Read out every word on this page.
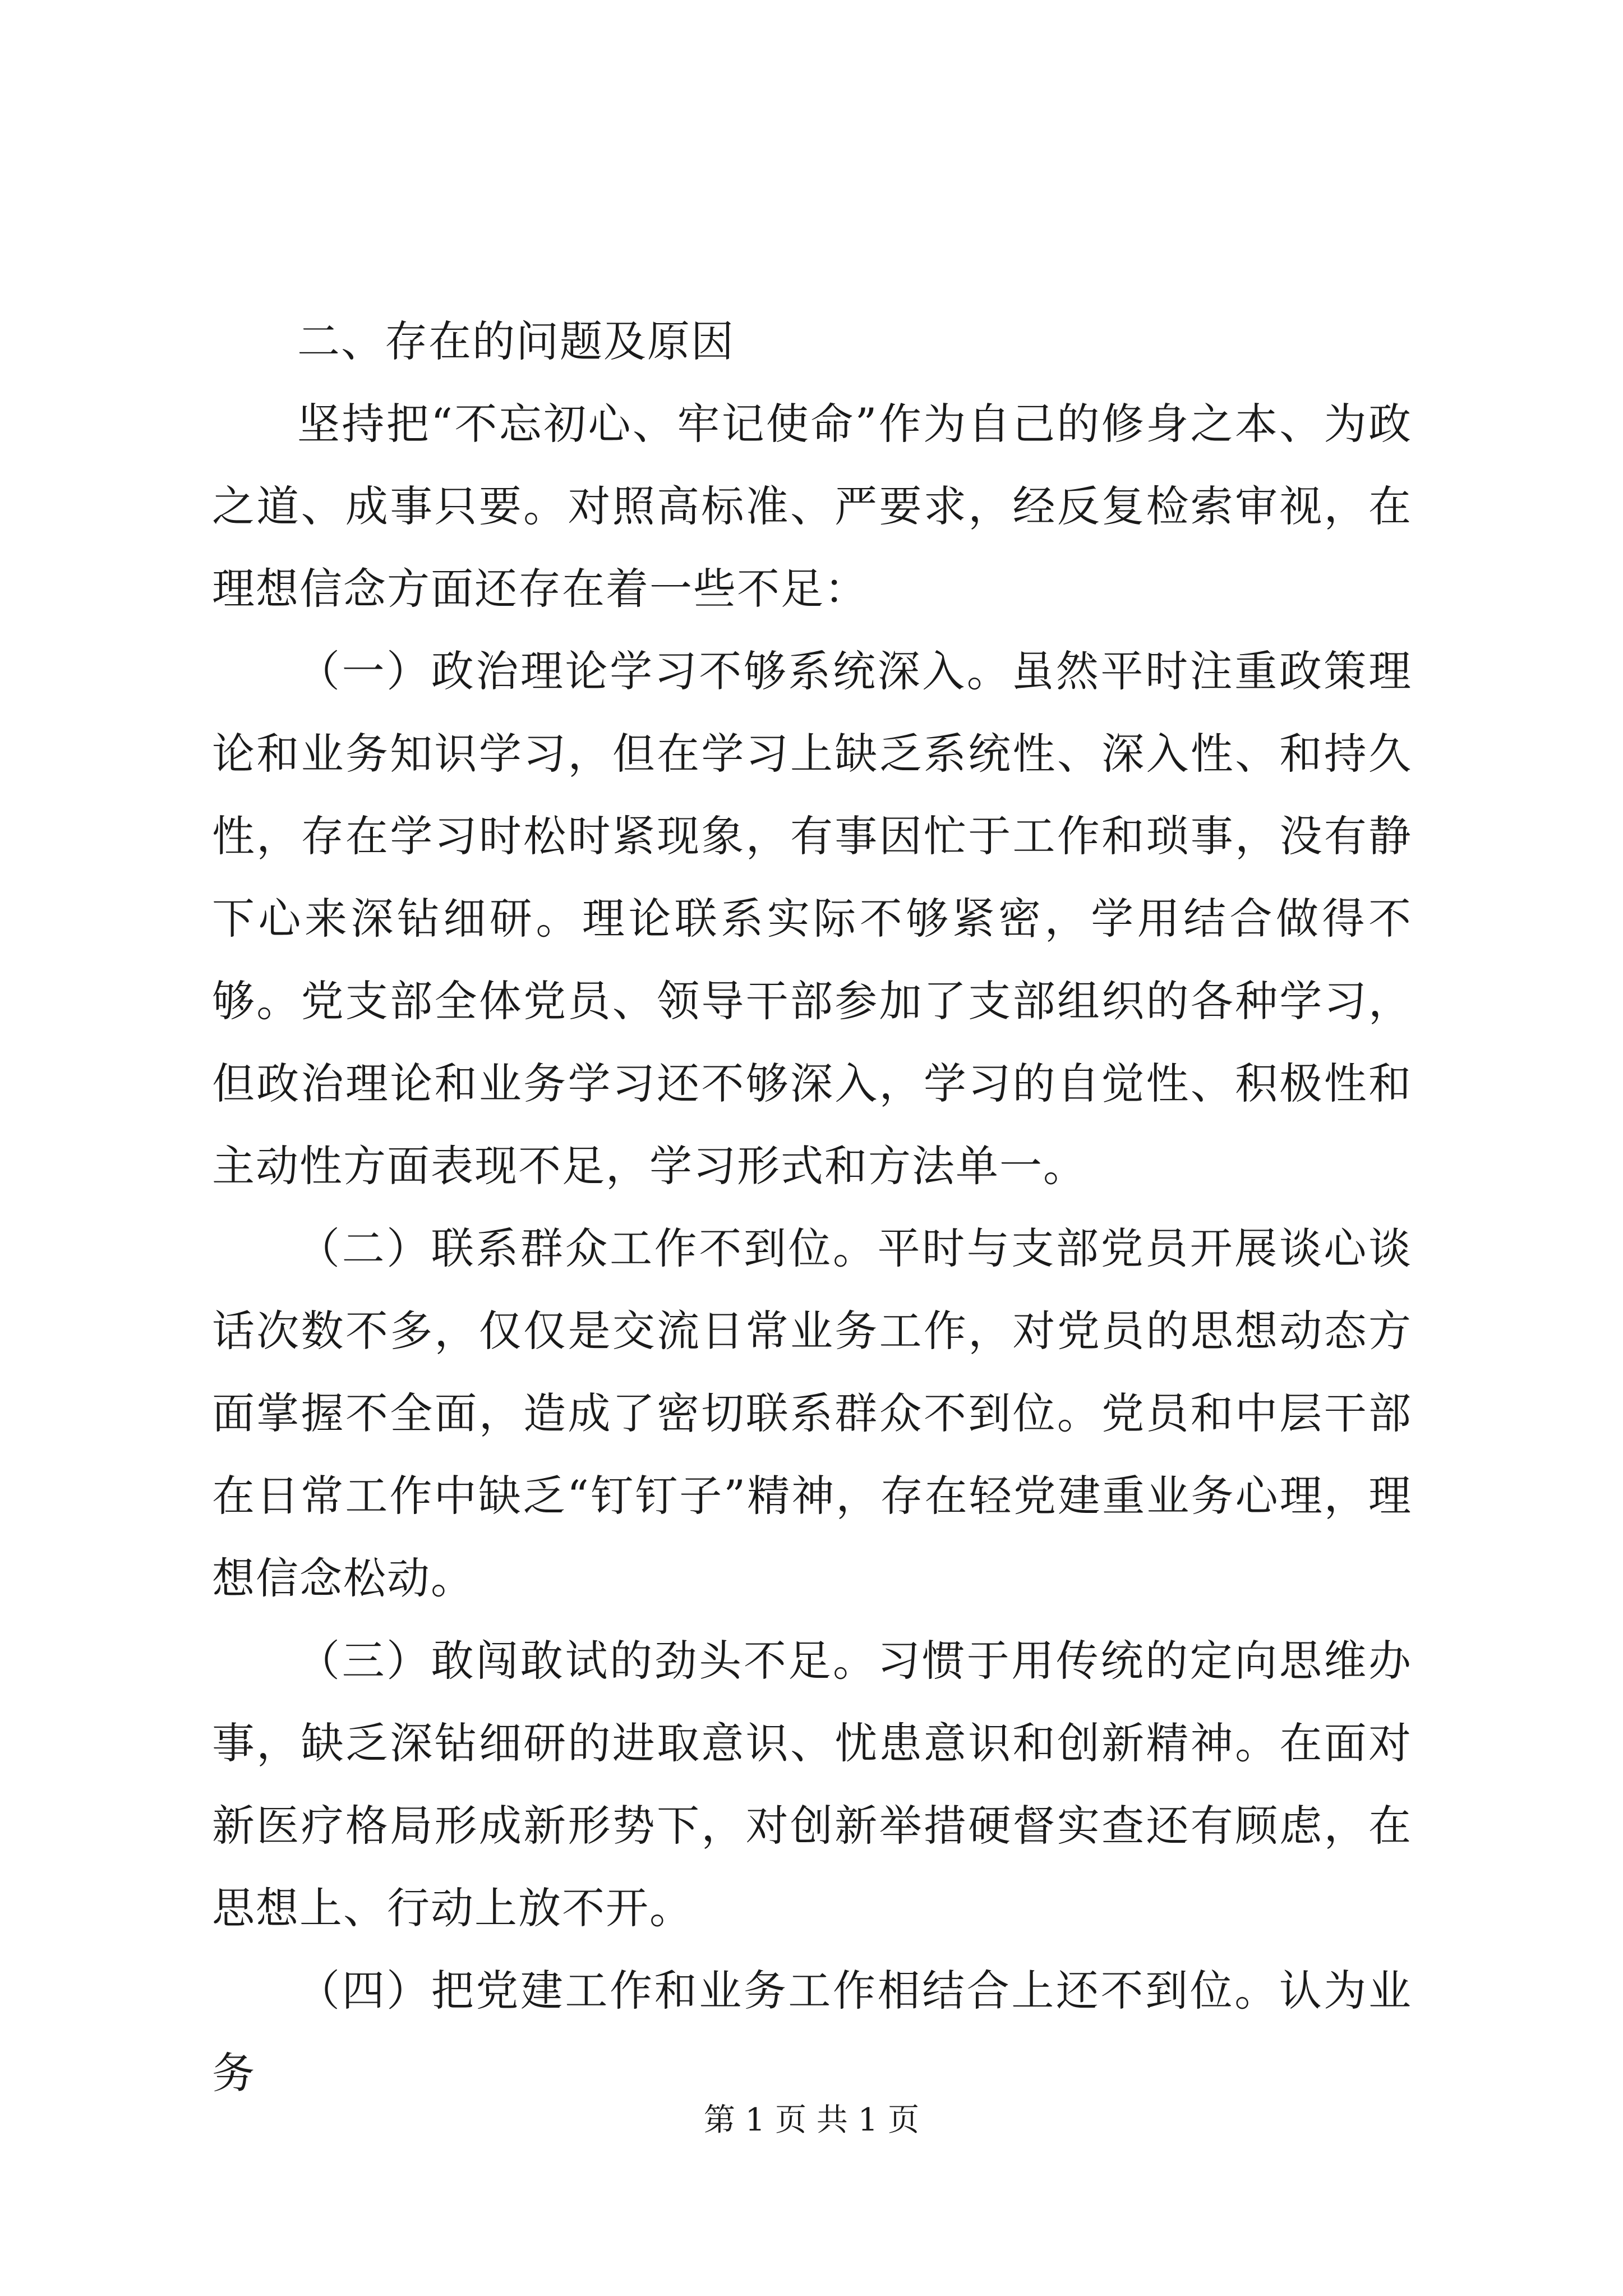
二、存在的问题及原因

坚持把“不忘初心、牢记使命”作为自己的修身之本、为政之道、成事只要。对照高标准、严要求，经反复检索审视，在理想信念方面还存在着一些不足：

（一）政治理论学习不够系统深入。虽然平时注重政策理论和业务知识学习，但在学习上缺乏系统性、深入性、和持久性，存在学习时松时紧现象，有事因忙于工作和琐事，没有静下心来深钻细研。理论联系实际不够紧密，学用结合做得不够。党支部全体党员、领导干部参加了支部组织的各种学习，但政治理论和业务学习还不够深入，学习的自觉性、积极性和主动性方面表现不足，学习形式和方法单一。

（二）联系群众工作不到位。平时与支部党员开展谈心谈话次数不多，仅仅是交流日常业务工作，对党员的思想动态方面掌握不全面，造成了密切联系群众不到位。党员和中层干部在日常工作中缺乏“钉钉子”精神，存在轻党建重业务心理，理想信念松动。

（三）敢闯敢试的劲头不足。习惯于用传统的定向思维办事，缺乏深钻细研的进取意识、忧患意识和创新精神。在面对新医疗格局形成新形势下，对创新举措硬督实查还有顾虑，在思想上、行动上放不开。

（四）把党建工作和业务工作相结合上还不到位。认为业务

第 1 页 共 1 页
